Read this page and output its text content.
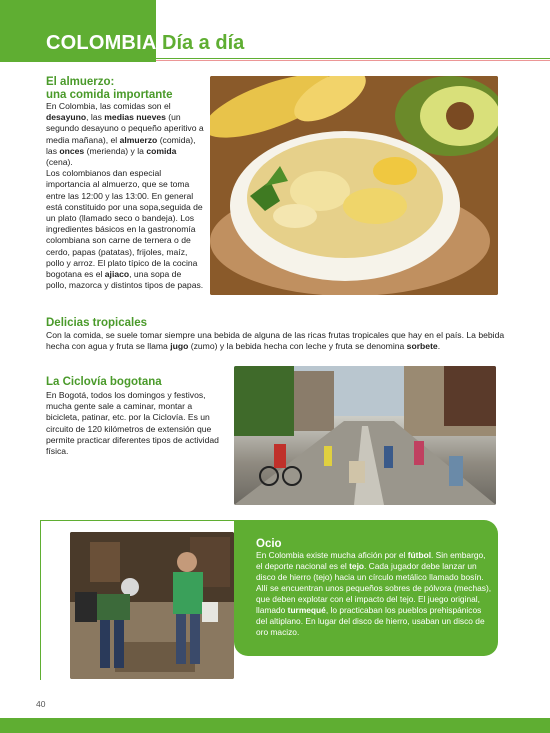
COLOMBIA Día a día
El almuerzo:
una comida importante
En Colombia, las comidas son el desayuno, las medias nueves (un segundo desayuno o pequeño aperitivo a media mañana), el almuerzo (comida), las onces (merienda) y la comida (cena).
Los colombianos dan especial importancia al almuerzo, que se toma entre las 12:00 y las 13:00. En general está constituido por una sopa,seguida de un plato (llamado seco o bandeja). Los ingredientes básicos en la gastronomía colombiana son carne de ternera o de cerdo, papas (patatas), frijoles, maíz, pollo y arroz. El plato típico de la cocina bogotana es el ajiaco, una sopa de pollo, mazorca y distintos tipos de papas.
Delicias tropicales
Con la comida, se suele tomar siempre una bebida de alguna de las ricas frutas tropicales que hay en el país. La bebida hecha con agua y fruta se llama jugo (zumo) y la bebida hecha con leche y fruta se denomina sorbete.
La Ciclovía bogotana
En Bogotá, todos los domingos y festivos, mucha gente sale a caminar, montar a bicicleta, patinar, etc. por la Ciclovía. Es un circuito de 120 kilómetros de extensión que permite practicar diferentes tipos de actividad física.
Ocio
En Colombia existe mucha afición por el fútbol. Sin embargo, el deporte nacional es el tejo. Cada jugador debe lanzar un disco de hierro (tejo) hacia un círculo metálico llamado bosín. Allí se encuentran unos pequeños sobres de pólvora (mechas), que deben explotar con el impacto del tejo. El juego original, llamado turmequé, lo practicaban los pueblos prehispánicos del altiplano. En lugar del disco de hierro, usaban un disco de oro macizo.
40
